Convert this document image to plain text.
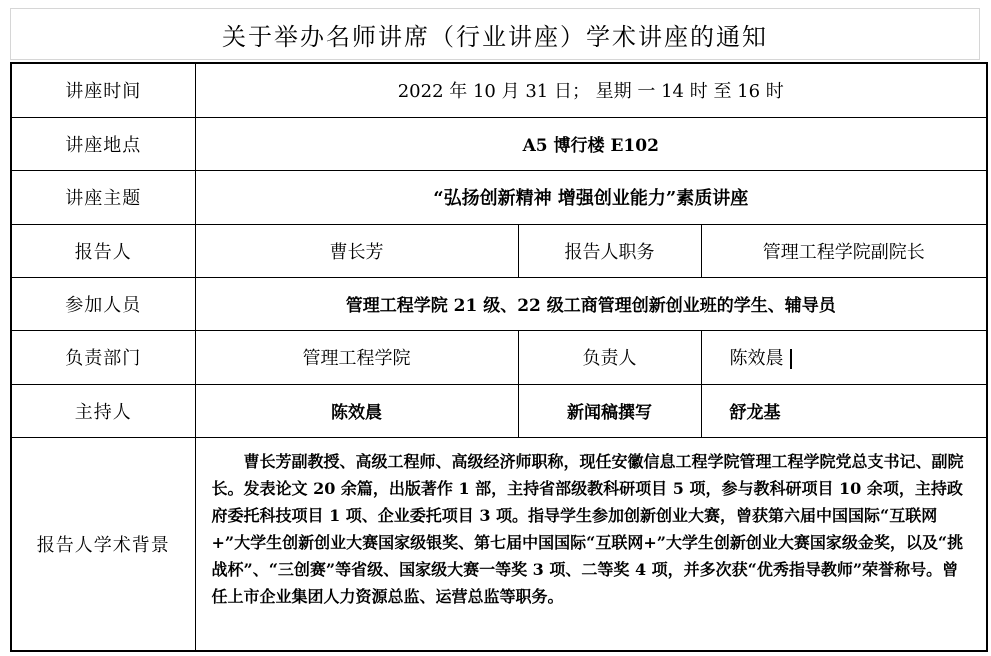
关于举办名师讲席（行业讲座）学术讲座的通知
讲座时间	2022 年 10 月 31 日； 星期 一 14 时 至 16 时		
讲座地点	A5 博行楼 E102		
讲座主题	“弘扬创新精神 增强创业能力”素质讲座		
报告人	曹长芳	报告人职务	管理工程学院副院长
参加人员	管理工程学院 21 级、22 级工商管理创新创业班的学生、辅导员		
负责部门	管理工程学院	负责人	陈效晨
主持人	陈效晨	新闻稿撰写	舒龙基
报告人学术背景	曹长芳副教授、高级工程师、高级经济师职称，现任安徽信息工程学院管理工程学院党总支书记、副院长。发表论文 20 余篇，出版著作 1 部，主持省部级教科研项目 5 项，参与教科研项目 10 余项，主持政府委托科技项目 1 项、企业委托项目 3 项。指导学生参加创新创业大赛，曾获第六届中国国际“互联网+”大学生创新创业大赛国家级银奖、第七届中国国际“互联网+”大学生创新创业大赛国家级金奖，以及“挑战杯”、“三创赛”等省级、国家级大赛一等奖 3 项、二等奖 4 项，并多次获“优秀指导教师”荣誉称号。曾任上市企业集团人力资源总监、运营总监等职务。		
